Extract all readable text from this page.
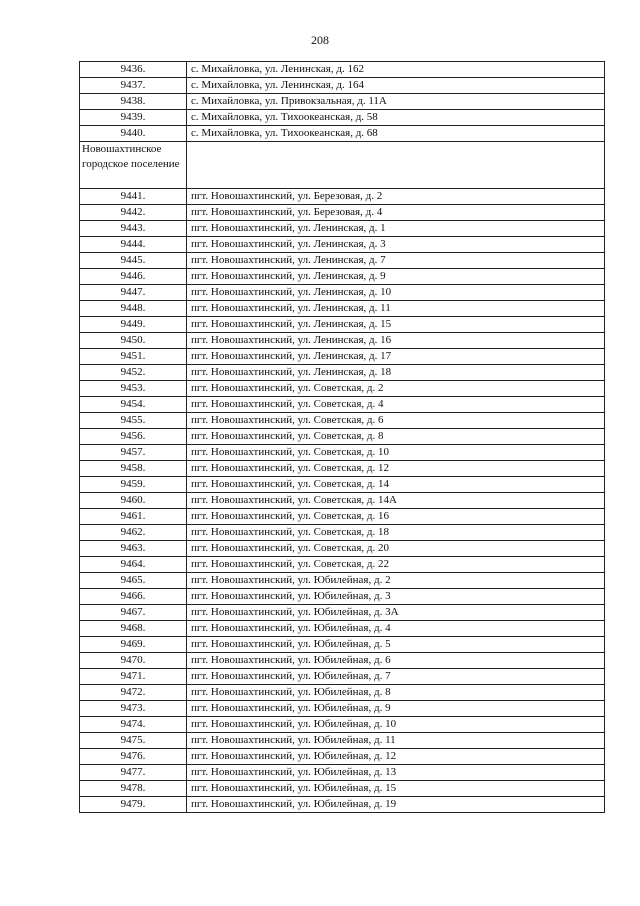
208
9436.	с. Михайловка, ул. Ленинская, д. 162
9437.	с. Михайловка, ул. Ленинская, д. 164
9438.	с. Михайловка, ул. Привокзальная, д. 11А
9439.	с. Михайловка, ул. Тихоокеанская, д. 58
9440.	с. Михайловка, ул. Тихоокеанская, д. 68
Новошахтинское городское поселение	
9441.	пгт. Новошахтинский, ул. Березовая, д. 2
9442.	пгт. Новошахтинский, ул. Березовая, д. 4
9443.	пгт. Новошахтинский, ул. Ленинская, д. 1
9444.	пгт. Новошахтинский, ул. Ленинская, д. 3
9445.	пгт. Новошахтинский, ул. Ленинская, д. 7
9446.	пгт. Новошахтинский, ул. Ленинская, д. 9
9447.	пгт. Новошахтинский, ул. Ленинская, д. 10
9448.	пгт. Новошахтинский, ул. Ленинская, д. 11
9449.	пгт. Новошахтинский, ул. Ленинская, д. 15
9450.	пгт. Новошахтинский, ул. Ленинская, д. 16
9451.	пгт. Новошахтинский, ул. Ленинская, д. 17
9452.	пгт. Новошахтинский, ул. Ленинская, д. 18
9453.	пгт. Новошахтинский, ул. Советская, д. 2
9454.	пгт. Новошахтинский, ул. Советская, д. 4
9455.	пгт. Новошахтинский, ул. Советская, д. 6
9456.	пгт. Новошахтинский, ул. Советская, д. 8
9457.	пгт. Новошахтинский, ул. Советская, д. 10
9458.	пгт. Новошахтинский, ул. Советская, д. 12
9459.	пгт. Новошахтинский, ул. Советская, д. 14
9460.	пгт. Новошахтинский, ул. Советская, д. 14А
9461.	пгт. Новошахтинский, ул. Советская, д. 16
9462.	пгт. Новошахтинский, ул. Советская, д. 18
9463.	пгт. Новошахтинский, ул. Советская, д. 20
9464.	пгт. Новошахтинский, ул. Советская, д. 22
9465.	пгт. Новошахтинский, ул. Юбилейная, д. 2
9466.	пгт. Новошахтинский, ул. Юбилейная, д. 3
9467.	пгт. Новошахтинский, ул. Юбилейная, д. 3А
9468.	пгт. Новошахтинский, ул. Юбилейная, д. 4
9469.	пгт. Новошахтинский, ул. Юбилейная, д. 5
9470.	пгт. Новошахтинский, ул. Юбилейная, д. 6
9471.	пгт. Новошахтинский, ул. Юбилейная, д. 7
9472.	пгт. Новошахтинский, ул. Юбилейная, д. 8
9473.	пгт. Новошахтинский, ул. Юбилейная, д. 9
9474.	пгт. Новошахтинский, ул. Юбилейная, д. 10
9475.	пгт. Новошахтинский, ул. Юбилейная, д. 11
9476.	пгт. Новошахтинский, ул. Юбилейная, д. 12
9477.	пгт. Новошахтинский, ул. Юбилейная, д. 13
9478.	пгт. Новошахтинский, ул. Юбилейная, д. 15
9479.	пгт. Новошахтинский, ул. Юбилейная, д. 19
